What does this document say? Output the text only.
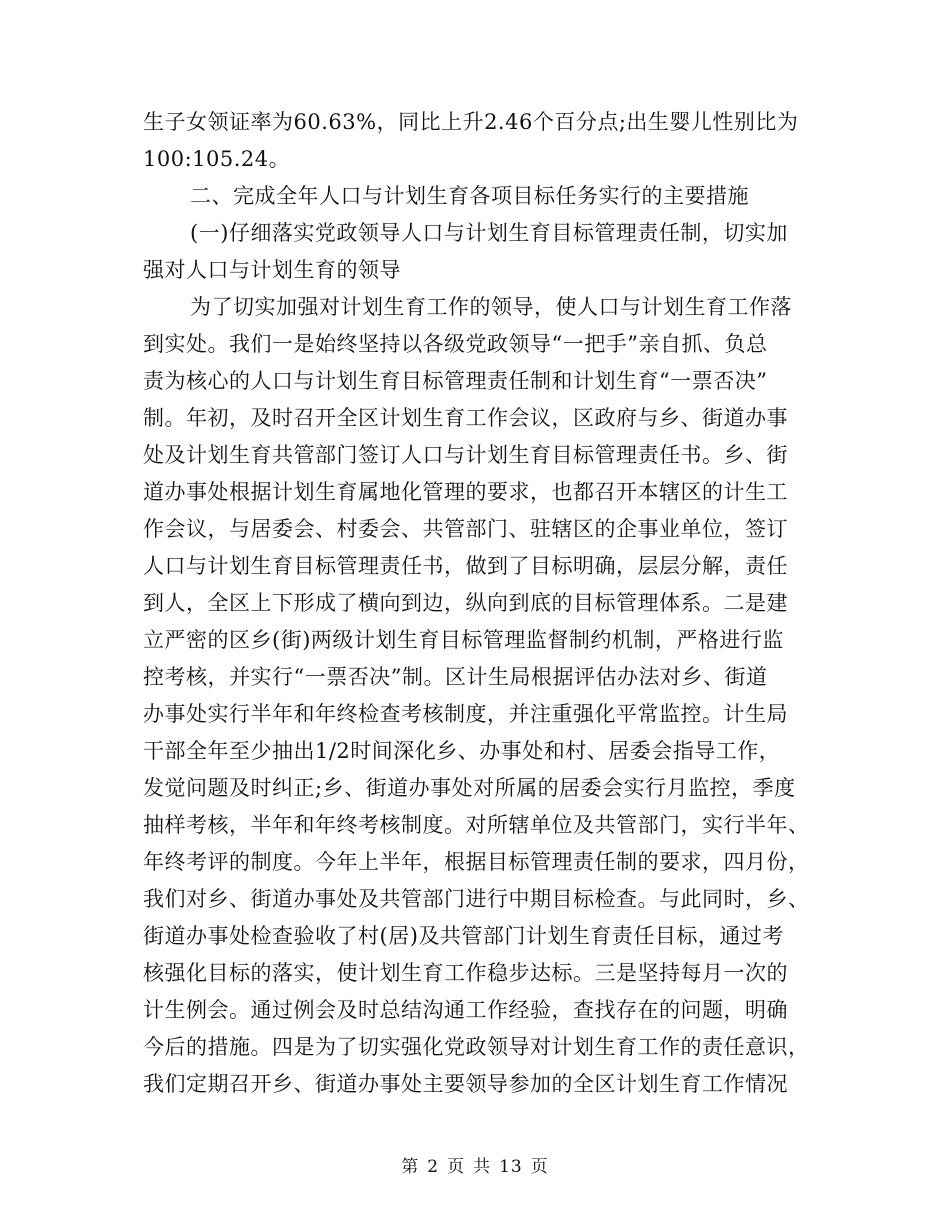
生子女领证率为60.63%，同比上升2.46个百分点;出生婴儿性别比为
100:105.24。
二、完成全年人口与计划生育各项目标任务实行的主要措施
(一)仔细落实党政领导人口与计划生育目标管理责任制，切实加
强对人口与计划生育的领导
为了切实加强对计划生育工作的领导，使人口与计划生育工作落
到实处。我们一是始终坚持以各级党政领导“一把手”亲自抓、负总
责为核心的人口与计划生育目标管理责任制和计划生育“一票否决”
制。年初，及时召开全区计划生育工作会议，区政府与乡、街道办事
处及计划生育共管部门签订人口与计划生育目标管理责任书。乡、街
道办事处根据计划生育属地化管理的要求，也都召开本辖区的计生工
作会议，与居委会、村委会、共管部门、驻辖区的企事业单位，签订
人口与计划生育目标管理责任书，做到了目标明确，层层分解，责任
到人，全区上下形成了横向到边，纵向到底的目标管理体系。二是建
立严密的区乡(街)两级计划生育目标管理监督制约机制，严格进行监
控考核，并实行“一票否决”制。区计生局根据评估办法对乡、街道
办事处实行半年和年终检查考核制度，并注重强化平常监控。计生局
干部全年至少抽出1/2时间深化乡、办事处和村、居委会指导工作，
发觉问题及时纠正;乡、街道办事处对所属的居委会实行月监控，季度
抽样考核，半年和年终考核制度。对所辖单位及共管部门，实行半年、
年终考评的制度。今年上半年，根据目标管理责任制的要求，四月份，
我们对乡、街道办事处及共管部门进行中期目标检查。与此同时，乡、
街道办事处检查验收了村(居)及共管部门计划生育责任目标，通过考
核强化目标的落实，使计划生育工作稳步达标。三是坚持每月一次的
计生例会。通过例会及时总结沟通工作经验，查找存在的问题，明确
今后的措施。四是为了切实强化党政领导对计划生育工作的责任意识，
我们定期召开乡、街道办事处主要领导参加的全区计划生育工作情况
第 2 页 共 13 页
